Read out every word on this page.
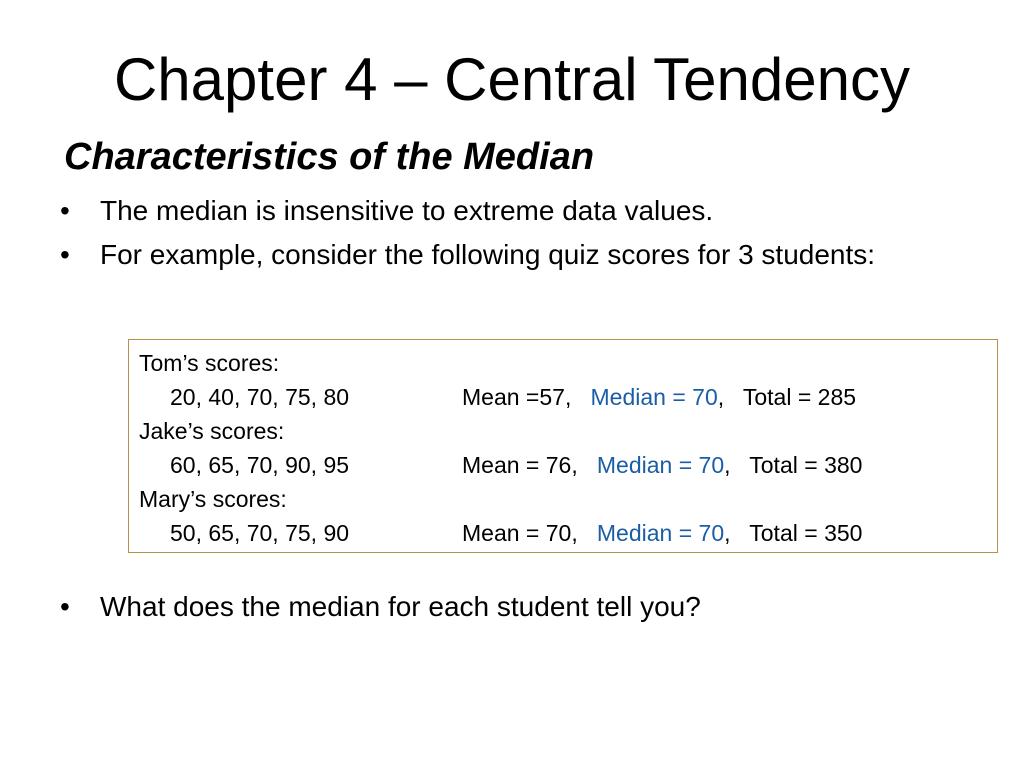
Chapter 4 – Central Tendency
Characteristics of the Median
• The median is insensitive to extreme data values.
• For example, consider the following quiz scores for 3 students:
Tom’s scores:
20, 40, 70, 75, 80	Mean =57,   Median = 70,   Total = 285
Jake’s scores:
60, 65, 70, 90, 95	Mean = 76,   Median = 70,   Total = 380
Mary’s scores:
50, 65, 70, 75, 90	Mean = 70,   Median = 70,   Total = 350
• What does the median for each student tell you?
